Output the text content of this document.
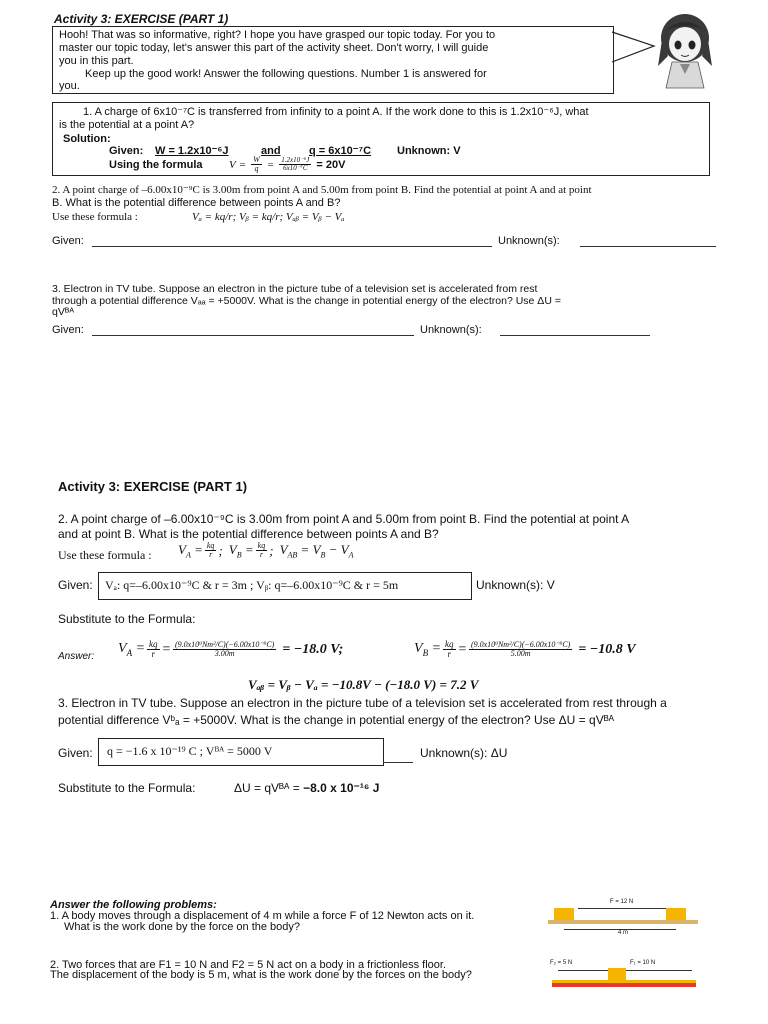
Activity 3: EXERCISE (PART 1)
Hooh! That was so informative, right? I hope you have grasped our topic today. For you to
master our topic today, let's answer this part of the activity sheet. Don't worry, I will guide
you in this part.
Keep up the good work! Answer the following questions. Number 1 is answered for
you.
1. A charge of 6x10⁻⁷C is transferred from infinity to a point A. If the work done to this is 1.2x10⁻⁶J, what
is the potential at a point A?
Solution:
Given: W = 1.2x10⁻⁶J	and	q = 6x10⁻⁷C Unknown: V
Using the formula $V = \frac{W}{q} = \frac{\text{1.2x10⁻⁶J}}{\text{6x10⁻⁷C}} = 20V$
2. A point charge of –6.00x10⁻⁹C is 3.00m from point A and 5.00m from point B. Find the potential at point A and at point
B. What is the potential difference between points A and B?
Use these formula :	Vₐ = kq/r; Vᵦ = kq/r; Vₐᵦ = Vᵦ − Vₐ
Given:	Unknown(s):
3. Electron in TV tube. Suppose an electron in the picture tube of a television set is accelerated from rest
through a potential difference Vₐₐ = +5000V. What is the change in potential energy of the electron? Use ΔU =
qVᴮᴬ
Given:	Unknown(s):
Activity 3: EXERCISE (PART 1)
2. A point charge of –6.00x10⁻⁹C is 3.00m from point A and 5.00m from point B. Find the potential at point A
and at point B. What is the potential difference between points A and B?
Use these formula : $V_A = \frac{kq}{r}$ ; $V_B = \frac{kq}{r}$ ; $V_{AB} = V_B - V_A$
Given: Vₐ: q=–6.00x10⁻⁹C & r = 3m ; Vᵦ: q=–6.00x10⁻⁹C & r = 5m	Unknown(s): V
Substitute to the Formula:
Answer:
$V_A = \frac{kq}{r} = \frac{\text{(9.0x10⁹Nm²/C)(−6.00x10⁻⁹C)}}{3.00m} = -18.0$ V;	$V_B = \frac{kq}{r} = \frac{\text{(9.0x10⁹Nm²/C)(−6.00x10⁻⁹C)}}{5.00m} = -10.8$ V
Vₐᵦ = Vᵦ − Vₐ = −10.8V − (−18.0 V) = 7.2 V
3. Electron in TV tube. Suppose an electron in the picture tube of a television set is accelerated from rest through a
potential difference Vᵇₐ = +5000V. What is the change in potential energy of the electron? Use ΔU = qVᴮᴬ
Given: q = −1.6 x 10⁻¹⁹ C ; Vᴮᴬ = 5000 V	Unknown(s): ΔU
Substitute to the Formula:	ΔU = qVᴮᴬ = −8.0 x 10⁻¹⁶ J
Answer the following problems:
1. A body moves through a displacement of 4 m while a force F of 12 Newton acts on it.
What is the work done by the force on the body?
F = 12 N
4 m
2. Two forces that are F1 = 10 N and F2 = 5 N act on a body in a frictionless floor.
The displacement of the body is 5 m, what is the work done by the forces on the body?
F₂ = 5 N	F₁ = 10 N
